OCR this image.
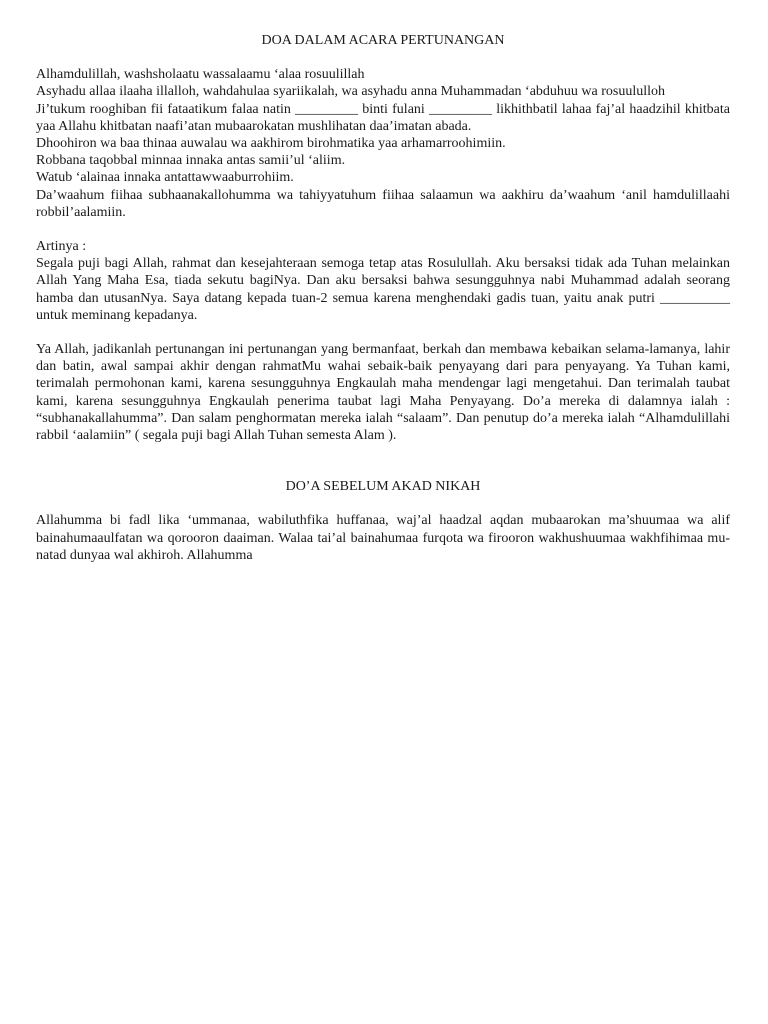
DOA DALAM ACARA PERTUNANGAN

Alhamdulillah, washsholaatu wassalaamu ‘alaa rosuulillah

Asyhadu allaa ilaaha illalloh, wahdahulaa syariikalah, wa asyhadu anna Muhammadan ‘abduhuu wa rosuululloh

Ji’tukum rooghiban fii fataatikum falaa natin _________ binti fulani _________ likhithbatil lahaa faj’al haadzihil khitbata yaa Allahu khitbatan naafi’atan mubaarokatan mushlihatan daa’imatan abada.

Dhoohiron wa baa thinaa auwalau wa aakhirom birohmatika yaa arhamarroohimiin.

Robbana taqobbal minnaa innaka antas samii’ul ‘aliim.

Watub ‘alainaa innaka antattawwaaburrohiim.

Da’waahum fiihaa subhaanakallohumma wa tahiyyatuhum fiihaa salaamun wa aakhiru da’waahum ‘anil hamdulillaahi robbil’aalamiin.

Artinya :

Segala puji bagi Allah, rahmat dan kesejahteraan semoga tetap atas Rosulullah. Aku bersaksi tidak ada Tuhan melainkan Allah Yang Maha Esa, tiada sekutu bagiNya. Dan aku bersaksi bahwa sesungguhnya nabi Muhammad adalah seorang hamba dan utusanNya. Saya datang kepada tuan-2 semua karena menghendaki gadis tuan, yaitu anak putri __________ untuk meminang kepadanya.

Ya Allah, jadikanlah pertunangan ini pertunangan yang bermanfaat, berkah dan membawa kebaikan selama-lamanya, lahir dan batin, awal sampai akhir dengan rahmatMu wahai sebaik-baik penyayang dari para penyayang. Ya Tuhan kami, terimalah permohonan kami, karena sesungguhnya Engkaulah maha mendengar lagi mengetahui. Dan terimalah taubat kami, karena sesungguhnya Engkaulah penerima taubat lagi Maha Penyayang. Do’a mereka di dalamnya ialah : “subhanakallahumma”. Dan salam penghormatan mereka ialah “salaam”. Dan penutup do’a mereka ialah “Alhamdulillahi rabbil ‘aalamiin” ( segala puji bagi Allah Tuhan semesta Alam ).

DO’A SEBELUM AKAD NIKAH

Allahumma bi fadl lika ‘ummanaa, wabiluthfika huffanaa, waj’al haadzal aqdan mubaarokan ma’shuumaa wa alif bainahumaaulfatan wa qorooron daaiman. Walaa tai’al bainahumaa furqota wa firooron wakhushuumaa wakhfihimaa mu-natad dunyaa wal akhiroh. Allahumma
